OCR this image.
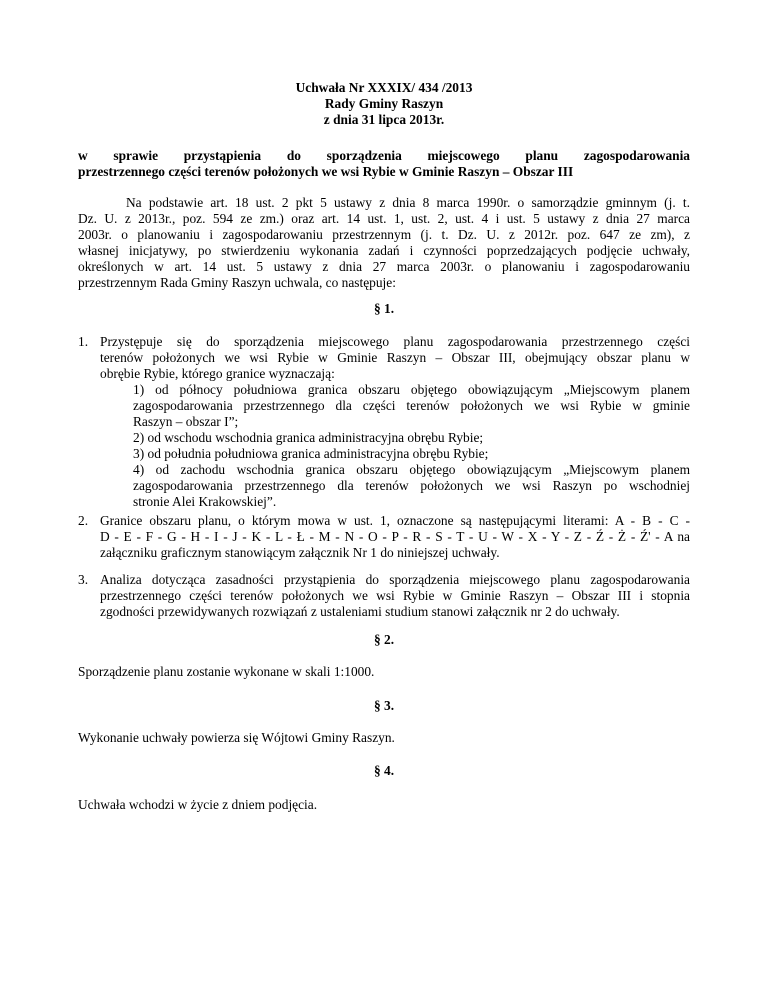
Uchwała Nr XXXIX/ 434 /2013
Rady Gminy Raszyn
z dnia 31 lipca 2013r.
w sprawie przystąpienia do sporządzenia miejscowego planu zagospodarowania
przestrzennego części terenów położonych we wsi Rybie w Gminie Raszyn – Obszar III
Na podstawie art. 18 ust. 2 pkt 5 ustawy z dnia 8 marca 1990r. o samorządzie gminnym (j. t.
Dz. U. z 2013r., poz. 594 ze zm.) oraz art. 14 ust. 1, ust. 2, ust. 4 i ust. 5 ustawy z dnia 27 marca
2003r. o planowaniu i zagospodarowaniu przestrzennym (j. t. Dz. U. z 2012r. poz. 647 ze zm), z
własnej inicjatywy, po stwierdzeniu wykonania zadań i czynności poprzedzających podjęcie uchwały,
określonych w art. 14 ust. 5 ustawy z dnia 27 marca 2003r. o planowaniu i zagospodarowaniu
przestrzennym Rada Gminy Raszyn uchwala, co następuje:
§ 1.
1. Przystępuje się do sporządzenia miejscowego planu zagospodarowania przestrzennego części
terenów położonych we wsi Rybie w Gminie Raszyn – Obszar III, obejmujący obszar planu w
obrębie Rybie, którego granice wyznaczają:
1) od północy południowa granica obszaru objętego obowiązującym „Miejscowym planem
zagospodarowania przestrzennego dla części terenów położonych we wsi Rybie w gminie
Raszyn – obszar I”;
2) od wschodu wschodnia granica administracyjna obrębu Rybie;
3) od południa południowa granica administracyjna obrębu Rybie;
4) od zachodu wschodnia granica obszaru objętego obowiązującym „Miejscowym planem
zagospodarowania przestrzennego dla terenów położonych we wsi Raszyn po wschodniej
stronie Alei Krakowskiej”.
2. Granice obszaru planu, o którym mowa w ust. 1, oznaczone są następującymi literami: A - B - C -
D - E - F - G - H - I - J - K - L - Ł - M - N - O - P - R - S - T - U - W - X - Y - Z - Ź - Ż - Ź' - A na
załączniku graficznym stanowiącym załącznik Nr 1 do niniejszej uchwały.
3. Analiza dotycząca zasadności przystąpienia do sporządzenia miejscowego planu zagospodarowania
przestrzennego części terenów położonych we wsi Rybie w Gminie Raszyn – Obszar III i stopnia
zgodności przewidywanych rozwiązań z ustaleniami studium stanowi załącznik nr 2 do uchwały.
§ 2.
Sporządzenie planu zostanie wykonane w skali 1:1000.
§ 3.
Wykonanie uchwały powierza się Wójtowi Gminy Raszyn.
§ 4.
Uchwała wchodzi w życie z dniem podjęcia.
